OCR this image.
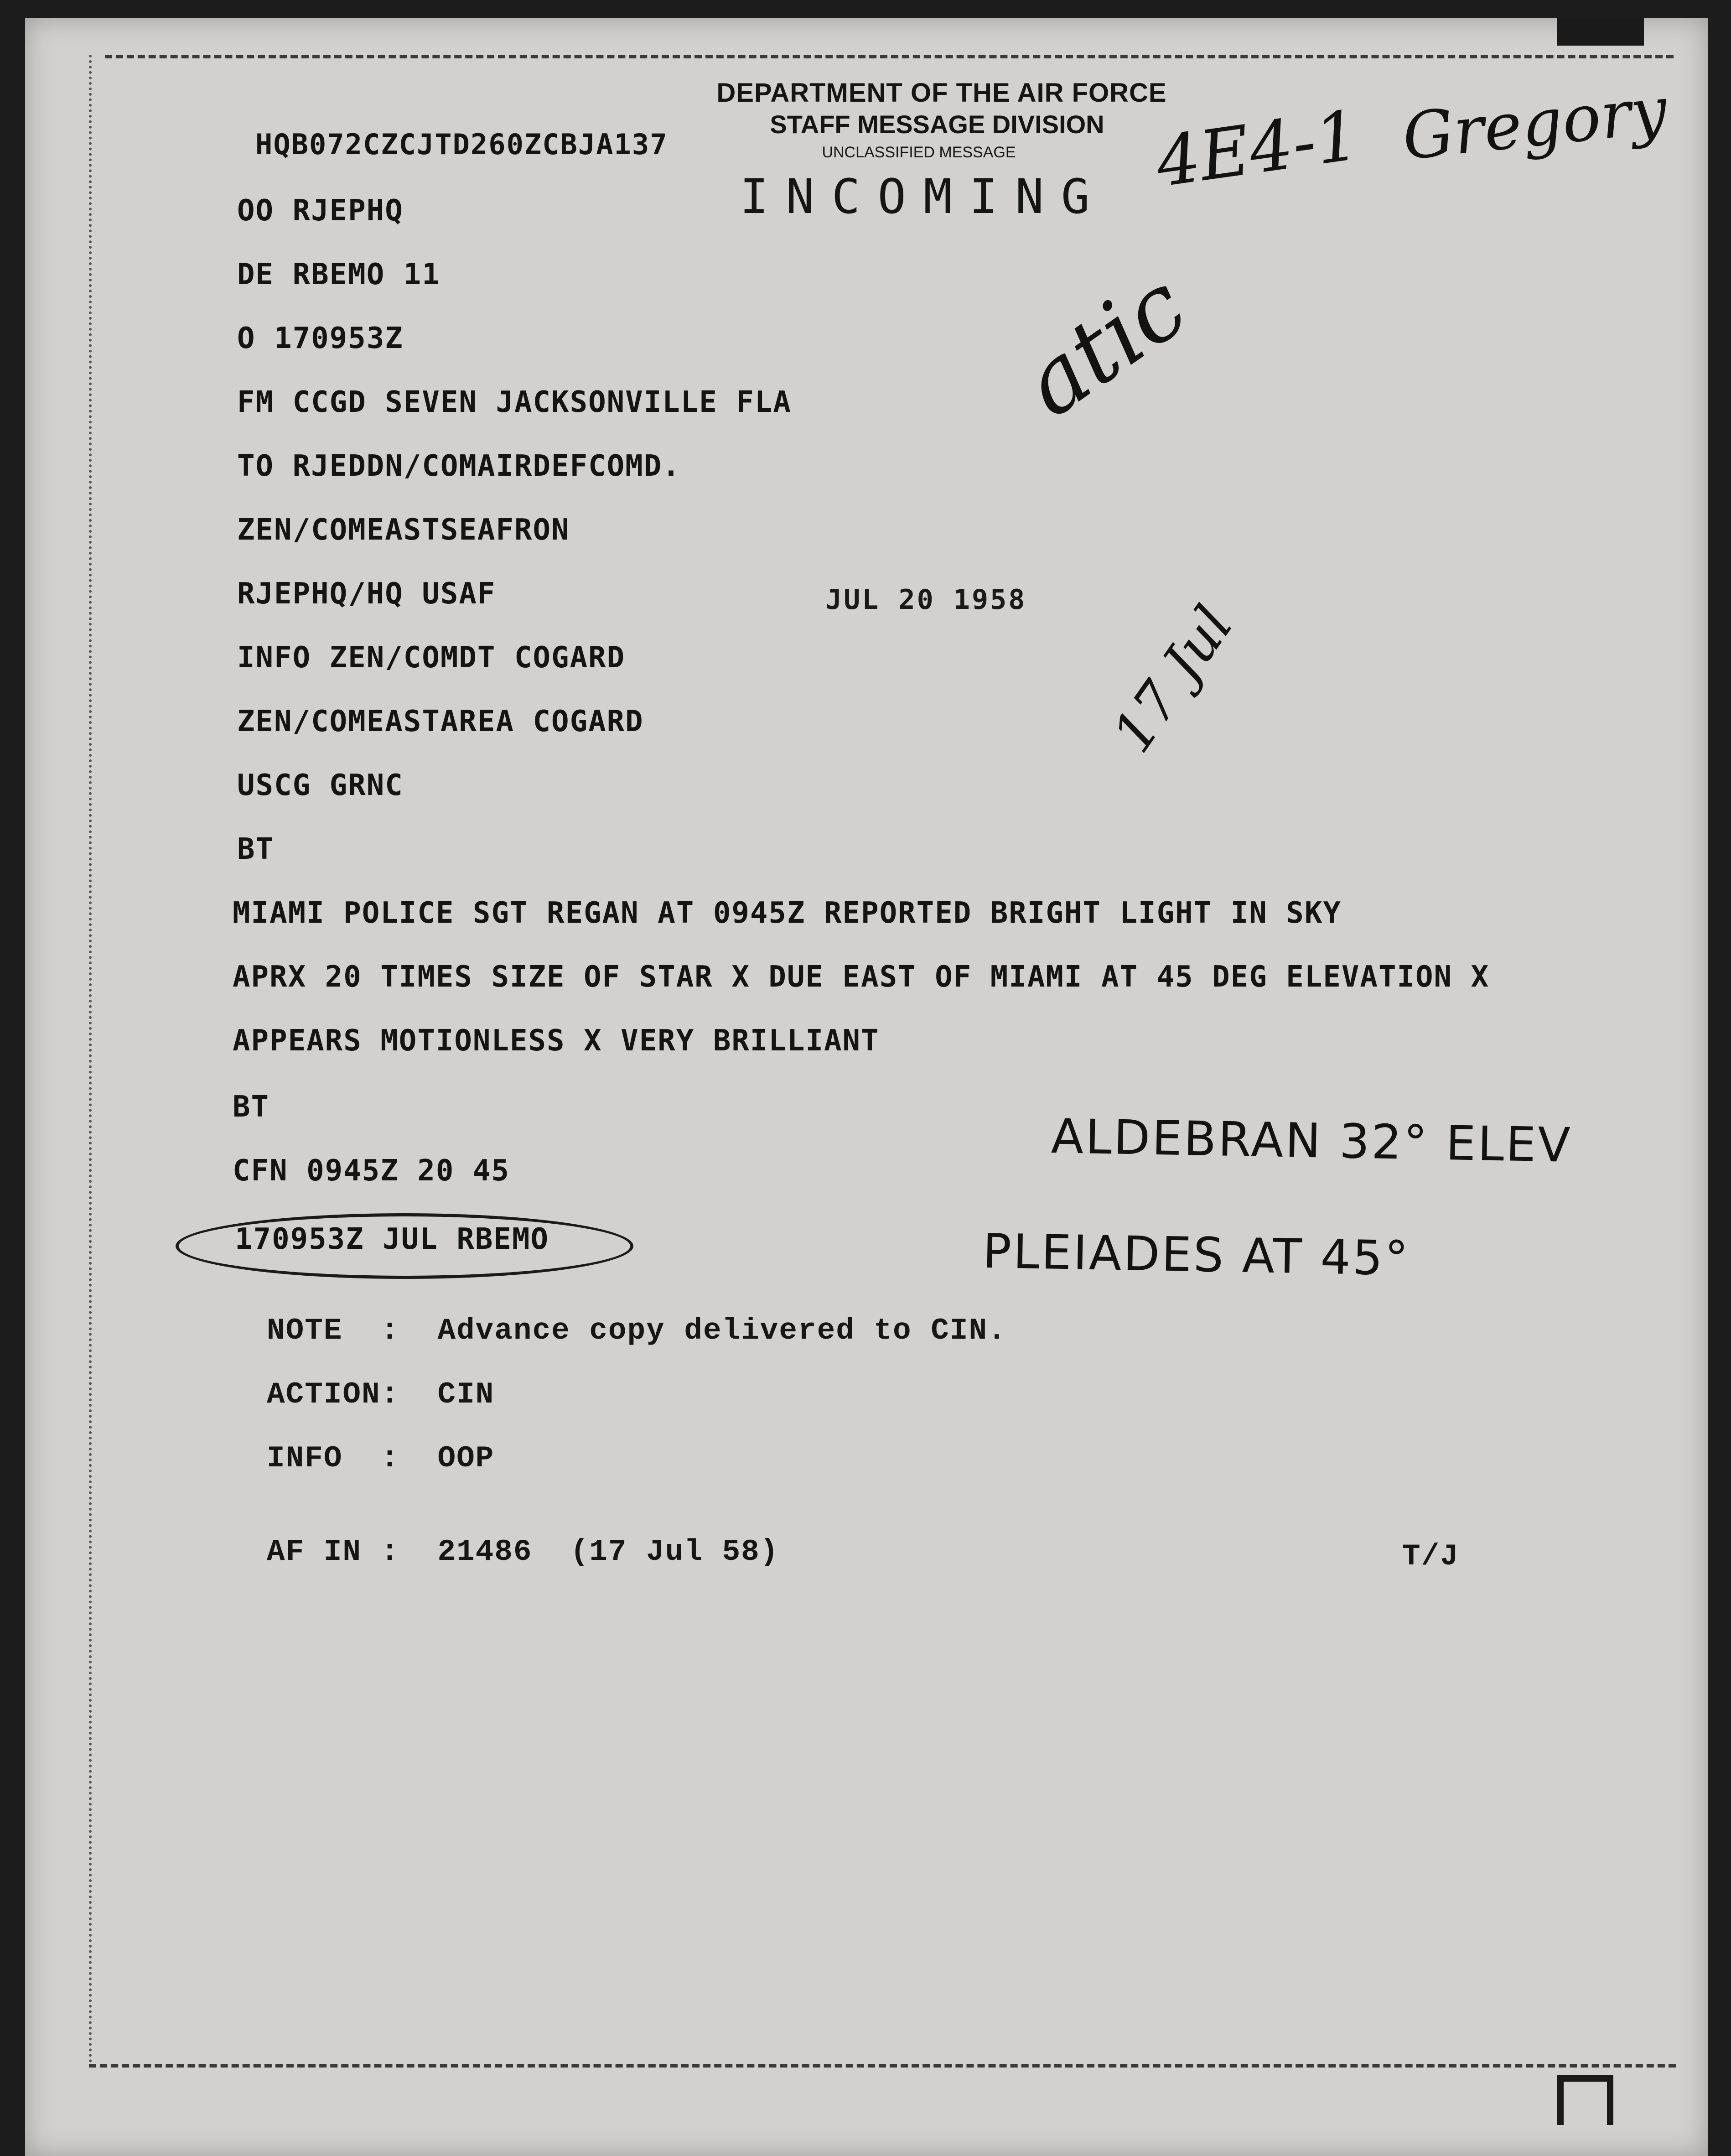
DEPARTMENT OF THE AIR FORCE
STAFF MESSAGE DIVISION
UNCLASSIFIED MESSAGE
INCOMING
HQB072CZCJTD260ZCBJA137
OO RJEPHQ
DE RBEMO 11
O 170953Z
FM CCGD SEVEN JACKSONVILLE FLA
TO RJEDDN/COMAIRDEFCOMD.
ZEN/COMEASTSEAFRON
RJEPHQ/HQ USAF
INFO ZEN/COMDT COGARD
ZEN/COMEASTAREA COGARD
USCG GRNC
BT
MIAMI POLICE SGT REGAN AT 0945Z REPORTED BRIGHT LIGHT IN SKY
APRX 20 TIMES SIZE OF STAR X DUE EAST OF MIAMI AT 45 DEG ELEVATION X
APPEARS MOTIONLESS X VERY BRILLIANT
BT
CFN 0945Z 20 45
170953Z JUL RBEMO
NOTE  :  Advance copy delivered to CIN.
ACTION:  CIN
INFO  :  OOP
AF IN :  21486  (17 Jul 58)	T/J
JUL 20 1958
4E4-1 Gregory
atic
17 Jul
ALDEBRAN 32° ELEV
PLEIADES AT 45°
